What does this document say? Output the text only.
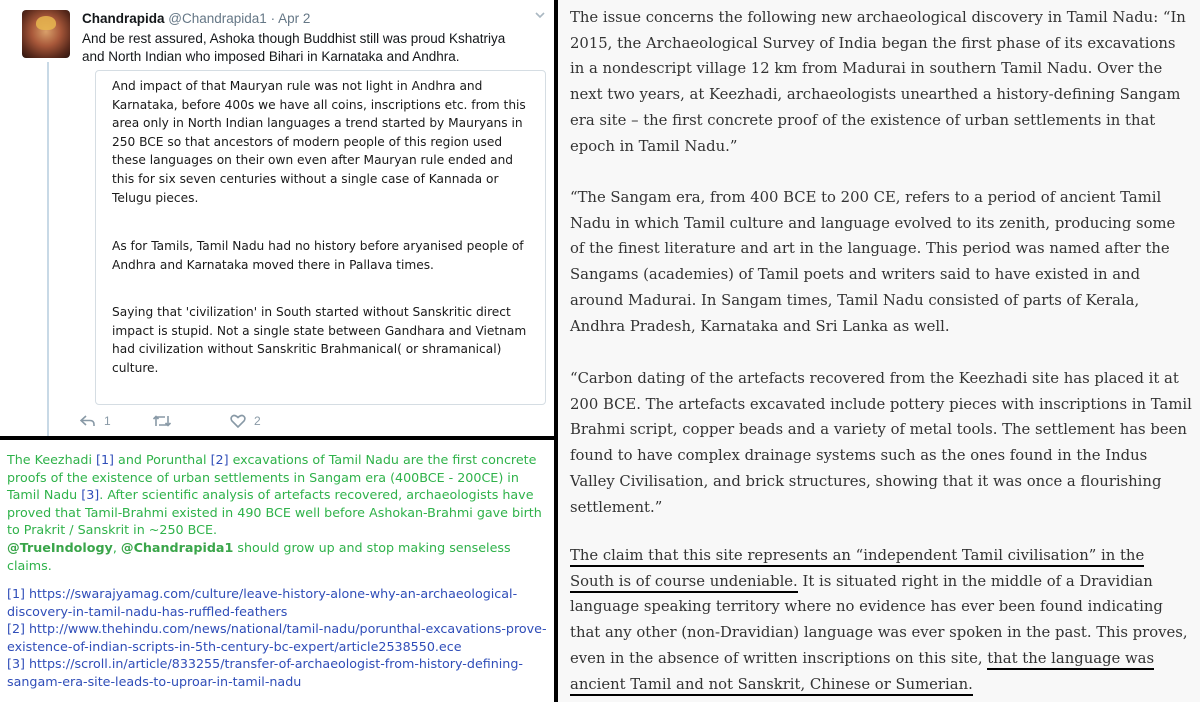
Chandrapida @Chandrapida1 · Apr 2
And be rest assured, Ashoka though Buddhist still was proud Kshatriya and North Indian who imposed Bihari in Karnataka and Andhra.

And impact of that Mauryan rule was not light in Andhra and Karnataka, before 400s we have all coins, inscriptions etc. from this area only in North Indian languages a trend started by Mauryans in 250 BCE so that ancestors of modern people of this region used these languages on their own even after Mauryan rule ended and this for six seven centuries without a single case of Kannada or Telugu pieces.

As for Tamils, Tamil Nadu had no history before aryanised people of Andhra and Karnataka moved there in Pallava times.

Saying that 'civilization' in South started without Sanskritic direct impact is stupid. Not a single state between Gandhara and Vietnam had civilization without Sanskritic Brahmanical( or shramanical) culture.

1	2
The Keezhadi [1] and Porunthal [2] excavations of Tamil Nadu are the first concrete proofs of the existence of urban settlements in Sangam era (400BCE - 200CE) in Tamil Nadu [3]. After scientific analysis of artefacts recovered, archaeologists have proved that Tamil-Brahmi existed in 490 BCE well before Ashokan-Brahmi gave birth to Prakrit / Sanskrit in ~250 BCE.
@TrueIndology, @Chandrapida1 should grow up and stop making senseless claims.
[1] https://swarajyamag.com/culture/leave-history-alone-why-an-archaeological-discovery-in-tamil-nadu-has-ruffled-feathers
[2] http://www.thehindu.com/news/national/tamil-nadu/porunthal-excavations-prove-existence-of-indian-scripts-in-5th-century-bc-expert/article2538550.ece
[3] https://scroll.in/article/833255/transfer-of-archaeologist-from-history-defining-sangam-era-site-leads-to-uproar-in-tamil-nadu

The issue concerns the following new archaeological discovery in Tamil Nadu: “In 2015, the Archaeological Survey of India began the first phase of its excavations in a nondescript village 12 km from Madurai in southern Tamil Nadu. Over the next two years, at Keezhadi, archaeologists unearthed a history-defining Sangam era site – the first concrete proof of the existence of urban settlements in that epoch in Tamil Nadu.”

“The Sangam era, from 400 BCE to 200 CE, refers to a period of ancient Tamil Nadu in which Tamil culture and language evolved to its zenith, producing some of the finest literature and art in the language. This period was named after the Sangams (academies) of Tamil poets and writers said to have existed in and around Madurai. In Sangam times, Tamil Nadu consisted of parts of Kerala, Andhra Pradesh, Karnataka and Sri Lanka as well.

“Carbon dating of the artefacts recovered from the Keezhadi site has placed it at 200 BCE. The artefacts excavated include pottery pieces with inscriptions in Tamil Brahmi script, copper beads and a variety of metal tools. The settlement has been found to have complex drainage systems such as the ones found in the Indus Valley Civilisation, and brick structures, showing that it was once a flourishing settlement.”

The claim that this site represents an “independent Tamil civilisation” in the South is of course undeniable. It is situated right in the middle of a Dravidian language speaking territory where no evidence has ever been found indicating that any other (non-Dravidian) language was ever spoken in the past. This proves, even in the absence of written inscriptions on this site, that the language was ancient Tamil and not Sanskrit, Chinese or Sumerian.
